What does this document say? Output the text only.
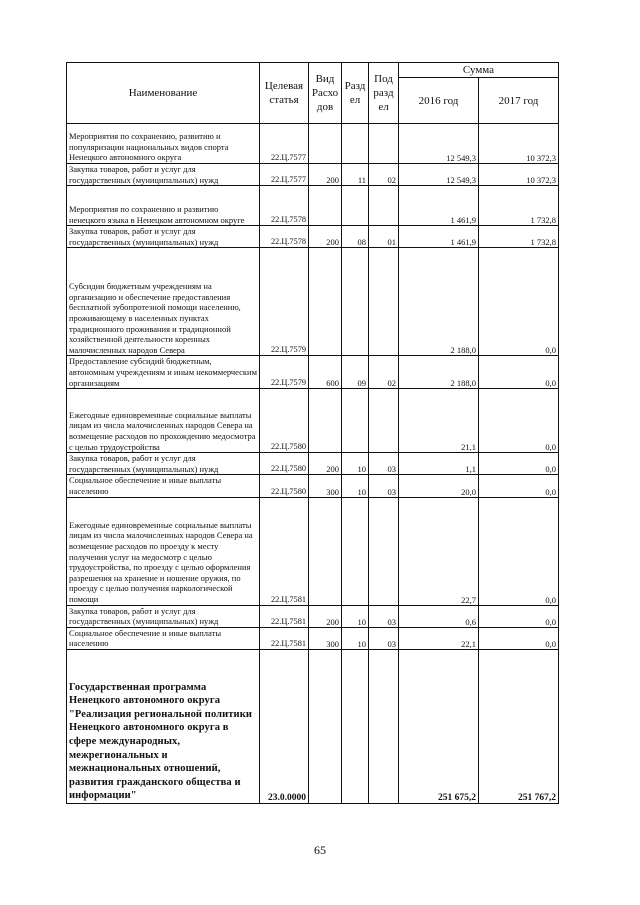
Наименование	Целевая статья	Вид Расхо дов	Разд ел	Под разд ел	Сумма	
					2016 год	2017 год
Мероприятия по сохранению, развитию и популяризации национальных видов спорта Ненецкого автономного округа	22.Ц.7577				12 549,3	10 372,3
Закупка товаров, работ и услуг для государственных (муниципальных) нужд	22.Ц.7577	200	11	02	12 549,3	10 372,3
Мероприятия по сохранению и развитию ненецкого языка в Ненецком автономном округе	22.Ц.7578				1 461,9	1 732,8
Закупка товаров, работ и услуг для государственных (муниципальных) нужд	22.Ц.7578	200	08	01	1 461,9	1 732,8
Субсидии бюджетным учреждениям на организацию и обеспечение предоставления бесплатной зубопротезной помощи населению, проживающему в населенных пунктах традиционного проживания и традиционной хозяйственной деятельности коренных малочисленных народов Севера	22.Ц.7579				2 188,0	0,0
Предоставление субсидий бюджетным, автономным учреждениям и иным некоммерческим организациям	22.Ц.7579	600	09	02	2 188,0	0,0
Ежегодные единовременные социальные выплаты лицам из числа малочисленных народов Севера на возмещение расходов по прохождению медосмотра с целью трудоустройства	22.Ц.7580				21,1	0,0
Закупка товаров, работ и услуг для государственных (муниципальных) нужд	22.Ц.7580	200	10	03	1,1	0,0
Социальное обеспечение и иные выплаты населению	22.Ц.7580	300	10	03	20,0	0,0
Ежегодные единовременные социальные выплаты лицам из числа малочисленных народов Севера на возмещение расходов по проезду к месту получения услуг на медосмотр с целью трудоустройства, по проезду с целью оформления разрешения на хранение и ношение оружия, по проезду с целью получения наркологической помощи	22.Ц.7581				22,7	0,0
Закупка товаров, работ и услуг для государственных (муниципальных) нужд	22.Ц.7581	200	10	03	0,6	0,0
Социальное обеспечение и иные выплаты населению	22.Ц.7581	300	10	03	22,1	0,0
Государственная программа Ненецкого автономного округа "Реализация региональной политики Ненецкого автономного округа в сфере международных, межрегиональных и межнациональных отношений, развития гражданского общества и информации"	23.0.0000				251 675,2	251 767,2
65
